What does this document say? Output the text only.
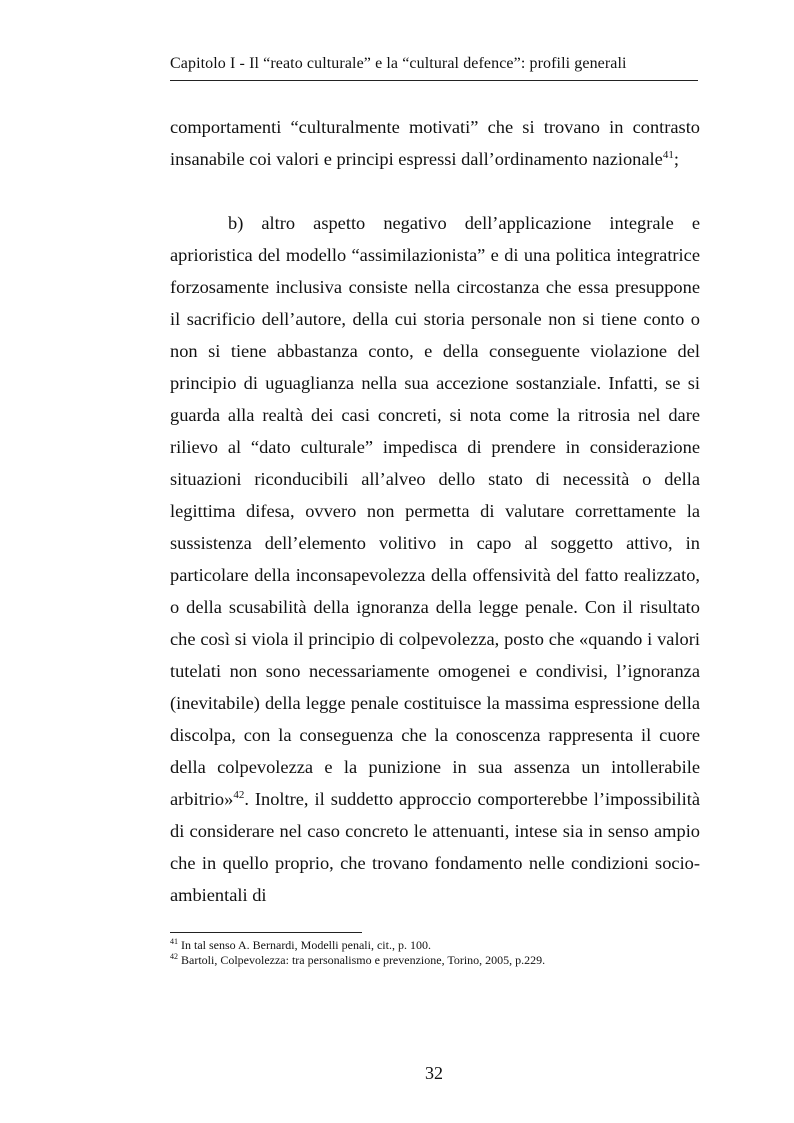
Capitolo I - Il “reato culturale” e la “cultural defence”: profili generali

comportamenti “culturalmente motivati” che si trovano in contrasto insanabile coi valori e principi espressi dall’ordinamento nazionale$^{41}$;

b) altro aspetto negativo dell’applicazione integrale e aprioristica del modello “assimilazionista” e di una politica integratrice forzosamente inclusiva consiste nella circostanza che essa presuppone il sacrificio dell’autore, della cui storia personale non si tiene conto o non si tiene abbastanza conto, e della conseguente violazione del principio di uguaglianza nella sua accezione sostanziale. Infatti, se si guarda alla realtà dei casi concreti, si nota come la ritrosia nel dare rilievo al “dato culturale” impedisca di prendere in considerazione situazioni riconducibili all’alveo dello stato di necessità o della legittima difesa, ovvero non permetta di valutare correttamente la sussistenza dell’elemento volitivo in capo al soggetto attivo, in particolare della inconsapevolezza della offensività del fatto realizzato, o della scusabilità della ignoranza della legge penale. Con il risultato che così si viola il principio di colpevolezza, posto che «quando i valori tutelati non sono necessariamente omogenei e condivisi, l’ignoranza (inevitabile) della legge penale costituisce la massima espressione della discolpa, con la conseguenza che la conoscenza rappresenta il cuore della colpevolezza e la punizione in sua assenza un intollerabile arbitrio»$^{42}$. Inoltre, il suddetto approccio comporterebbe l’impossibilità di considerare nel caso concreto le attenuanti, intese sia in senso ampio che in quello proprio, che trovano fondamento nelle condizioni socio-ambientali di

$^{41}$ In tal senso A. Bernardi, Modelli penali, cit., p. 100.

$^{42}$ Bartoli, Colpevolezza: tra personalismo e prevenzione, Torino, 2005, p.229.

32
